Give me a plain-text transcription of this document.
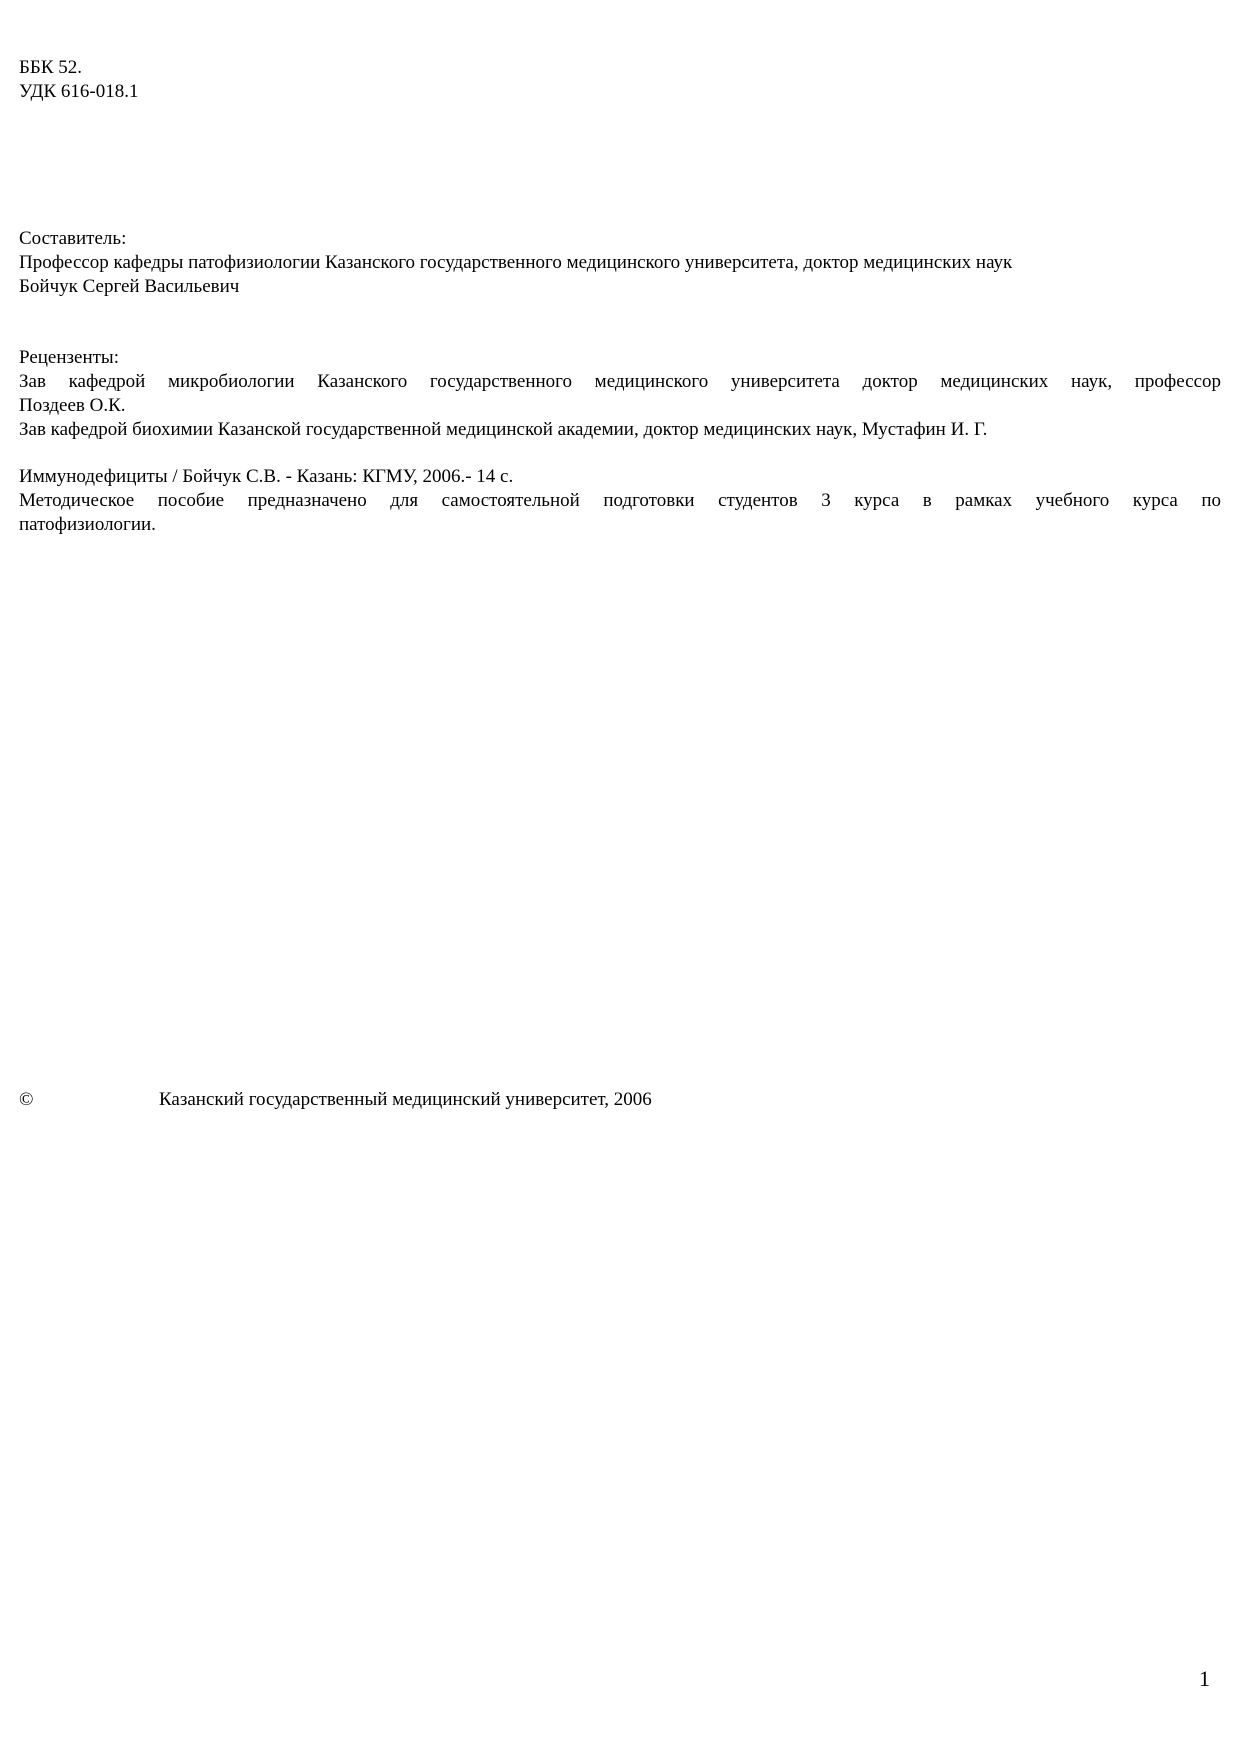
ББК 52.
УДК 616-018.1
Составитель:
Профессор кафедры патофизиологии Казанского государственного медицинского университета, доктор медицинских наук
Бойчук Сергей Васильевич
Рецензенты:
Зав кафедрой микробиологии Казанского государственного медицинского университета доктор медицинских наук, профессор
Поздеев О.К.
Зав кафедрой биохимии Казанской государственной медицинской академии, доктор медицинских наук, Мустафин И. Г.
Иммунодефициты / Бойчук С.В. - Казань: КГМУ, 2006.- 14 с.
Методическое пособие предназначено для самостоятельной подготовки студентов 3 курса в рамках учебного курса по
патофизиологии.
©	Казанский государственный медицинский университет, 2006
1
